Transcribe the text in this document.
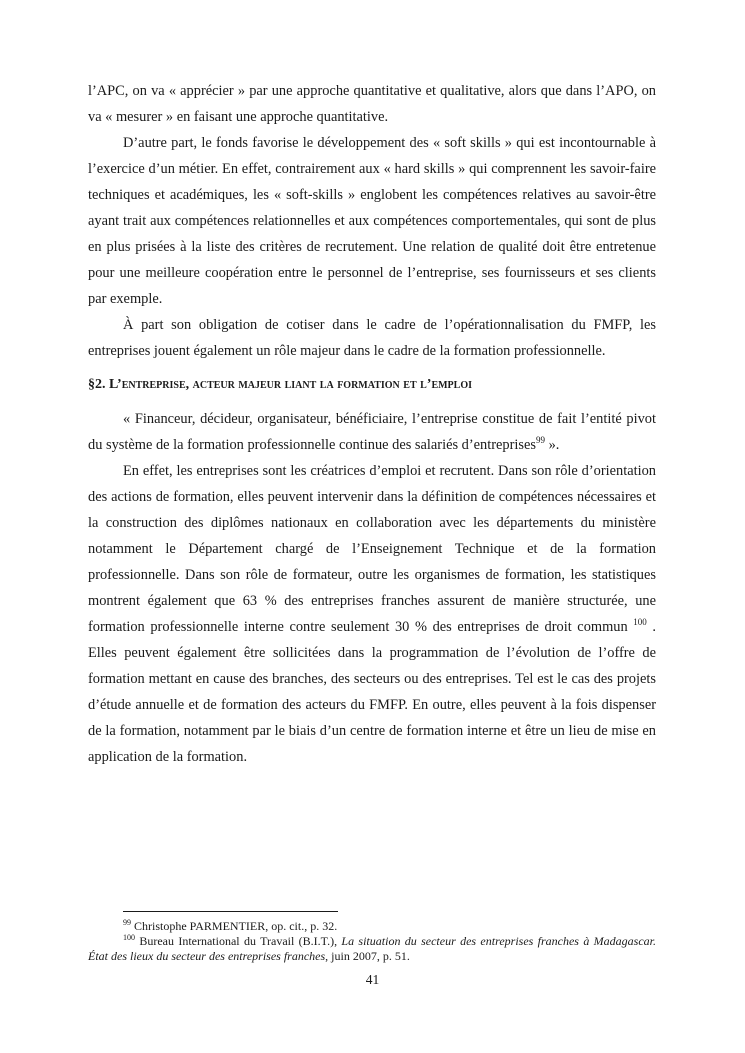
l’APC, on va « apprécier » par une approche quantitative et qualitative, alors que dans l’APO, on va « mesurer » en faisant une approche quantitative.

D’autre part, le fonds favorise le développement des « soft skills » qui est incontournable à l’exercice d’un métier. En effet, contrairement aux « hard skills » qui comprennent les savoir-faire techniques et académiques, les « soft-skills » englobent les compétences relatives au savoir-être ayant trait aux compétences relationnelles et aux compétences comportementales, qui sont de plus en plus prisées à la liste des critères de recrutement. Une relation de qualité doit être entretenue pour une meilleure coopération entre le personnel de l’entreprise, ses fournisseurs et ses clients par exemple.

À part son obligation de cotiser dans le cadre de l’opérationnalisation du FMFP, les entreprises jouent également un rôle majeur dans le cadre de la formation professionnelle.

§2. L’entreprise, acteur majeur liant la formation et l’emploi

« Financeur, décideur, organisateur, bénéficiaire, l’entreprise constitue de fait l’entité pivot du système de la formation professionnelle continue des salariés d’entreprises$^{99}$ ».

En effet, les entreprises sont les créatrices d’emploi et recrutent. Dans son rôle d’orientation des actions de formation, elles peuvent intervenir dans la définition de compétences nécessaires et la construction des diplômes nationaux en collaboration avec les départements du ministère notamment le Département chargé de l’Enseignement Technique et de la formation professionnelle. Dans son rôle de formateur, outre les organismes de formation, les statistiques montrent également que 63 % des entreprises franches assurent de manière structurée, une formation professionnelle interne contre seulement 30 % des entreprises de droit commun $^{100}$ . Elles peuvent également être sollicitées dans la programmation de l’évolution de l’offre de formation mettant en cause des branches, des secteurs ou des entreprises. Tel est le cas des projets d’étude annuelle et de formation des acteurs du FMFP. En outre, elles peuvent à la fois dispenser de la formation, notamment par le biais d’un centre de formation interne et être un lieu de mise en application de la formation.

$^{99}$ Christophe PARMENTIER, op. cit., p. 32.

$^{100}$ Bureau International du Travail (B.I.T.), La situation du secteur des entreprises franches à Madagascar. État des lieux du secteur des entreprises franches, juin 2007, p. 51.

41
